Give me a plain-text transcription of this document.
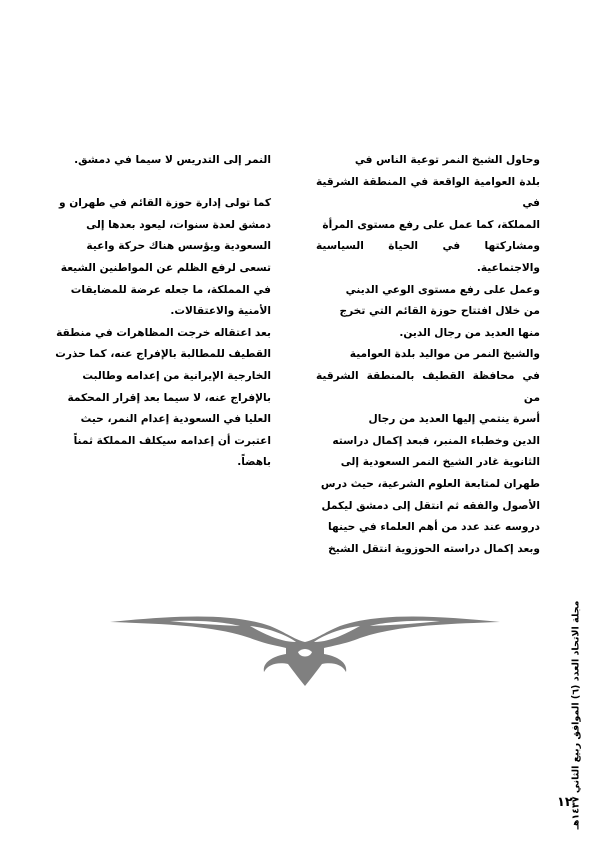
وحاول الشيخ النمر توعية الناس في

بلدة العوامية الواقعة في المنطقة الشرقية في

المملكة، كما عمل على رفع مستوى المرأة

ومشاركتها في الحياة السياسية والاجتماعية.

وعمل على رفع مستوى الوعي الديني

من خلال افتتاح حوزة القائم التي تخرج

منها العديد من رجال الدين.

والشيخ النمر من مواليد بلدة العوامية

في محافظة القطيف بالمنطقة الشرقية من

أسرة ينتمي إليها العديد من رجال

الدين وخطباء المنبر، فبعد إكمال دراسته

الثانوية غادر الشيخ النمر السعودية إلى

طهران لمتابعة العلوم الشرعية، حيث درس

الأصول والفقه ثم انتقل إلى دمشق ليكمل

دروسه عند عدد من أهم العلماء في حينها

وبعد إكمال دراسته الحوزوية انتقل الشيخ

النمر إلى التدريس لا سيما في دمشق.

كما تولى إدارة حوزة القائم في طهران و

دمشق لعدة سنوات، ليعود بعدها إلى

السعودية ويؤسس هناك حركة واعية

تسعى لرفع الظلم عن المواطنين الشيعة

في المملكة، ما جعله عرضة للمضايقات

الأمنية والاعتقالات.

بعد اعتقاله خرجت المظاهرات في منطقة

القطيف للمطالبة بالإفراج عنه، كما حذرت

الخارجية الإيرانية من إعدامه وطالبت

بالإفراج عنه، لا سيما بعد إقرار المحكمة

العليا في السعودية إعدام النمر، حيث

اعتبرت أن إعدامه سيكلف المملكة ثمناً

باهضاً.

مجلة الاتحاد العدد (٦) الموافق ربيع الثاني ١٤٣٧هـ
١٢
